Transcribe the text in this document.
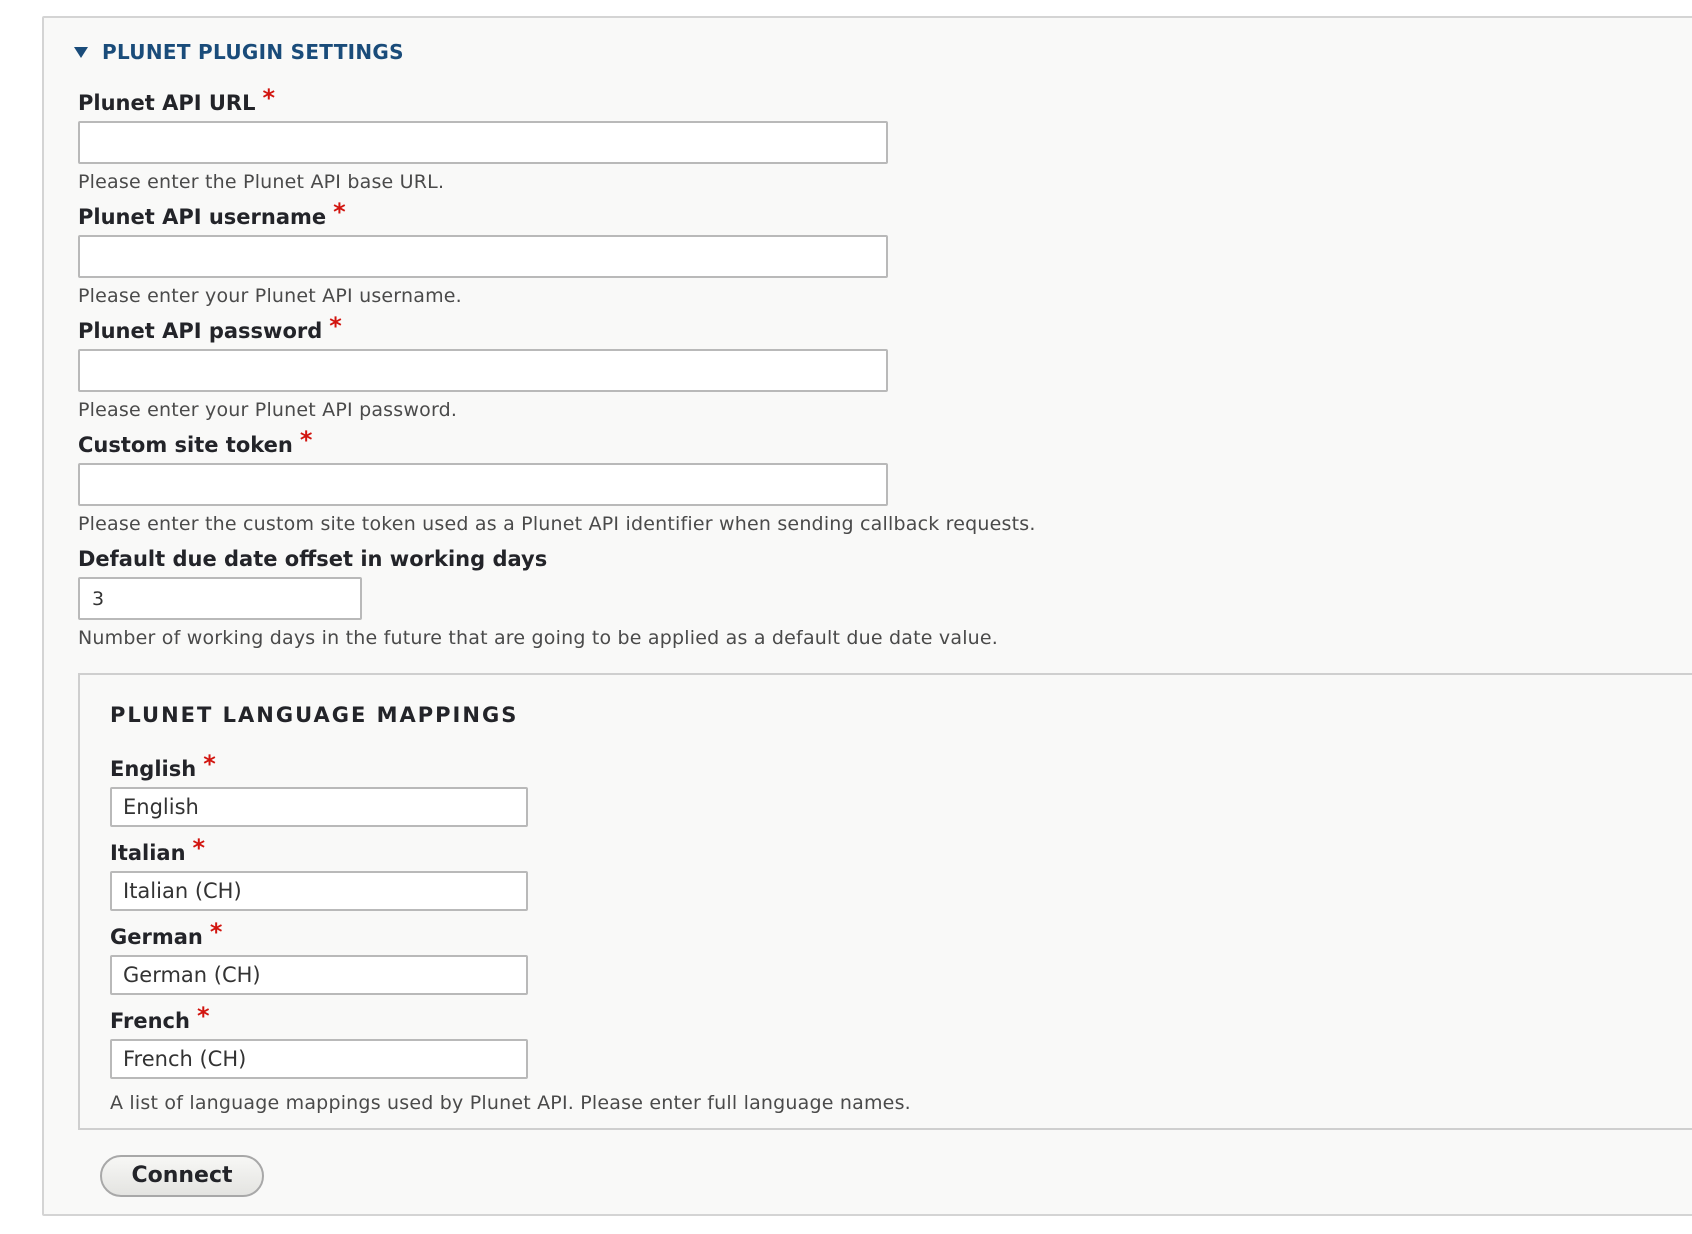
PLUNET PLUGIN SETTINGS
Plunet API URL *
Please enter the Plunet API base URL.
Plunet API username *
Please enter your Plunet API username.
Plunet API password *
Please enter your Plunet API password.
Custom site token *
Please enter the custom site token used as a Plunet API identifier when sending callback requests.
Default due date offset in working days
3
Number of working days in the future that are going to be applied as a default due date value.
PLUNET LANGUAGE MAPPINGS
English *
English
Italian *
Italian (CH)
German *
German (CH)
French *
French (CH)
A list of language mappings used by Plunet API. Please enter full language names.
Connect
